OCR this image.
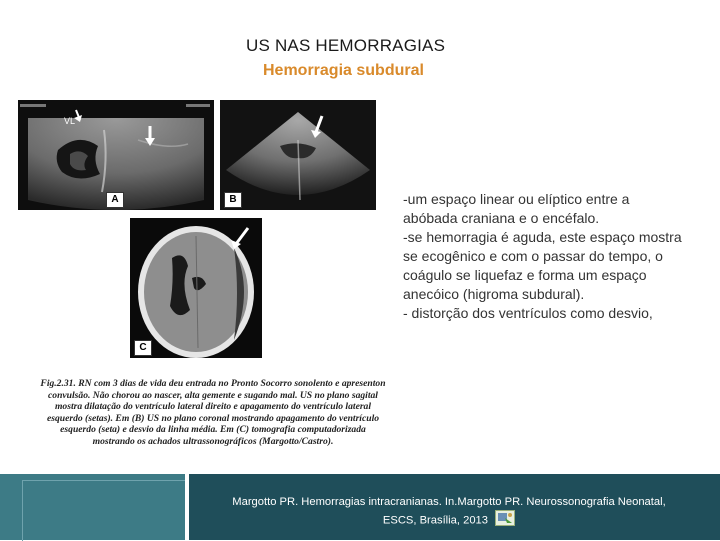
US NAS HEMORRAGIAS
Hemorragia subdural
VL
A	B
C

Fig.2.31. RN com 3 dias de vida deu entrada no Pronto Socorro sonolento e apresenton convulsão. Não chorou ao nascer, alta gemente e sugando mal. US no plano sagital mostra dilatação do ventrículo lateral direito e apagamento do ventrículo lateral esquerdo (setas). Em (B) US no plano coronal mostrando apagamento do ventrículo esquerdo (seta) e desvio da linha média. Em (C) tomografia computadorizada mostrando os achados ultrassonográficos (Margotto/Castro).

-um espaço linear ou elíptico entre a
abóbada craniana e o encéfalo.
-se hemorragia é aguda, este espaço mostra
se ecogênico e com o passar do tempo, o
coágulo se liquefaz e forma um espaço
anecóico (higroma subdural).
- distorção dos ventrículos como desvio,

Margotto PR. Hemorragias intracranianas. In.Margotto PR. Neurossonografia Neonatal,
ESCS, Brasília, 2013
